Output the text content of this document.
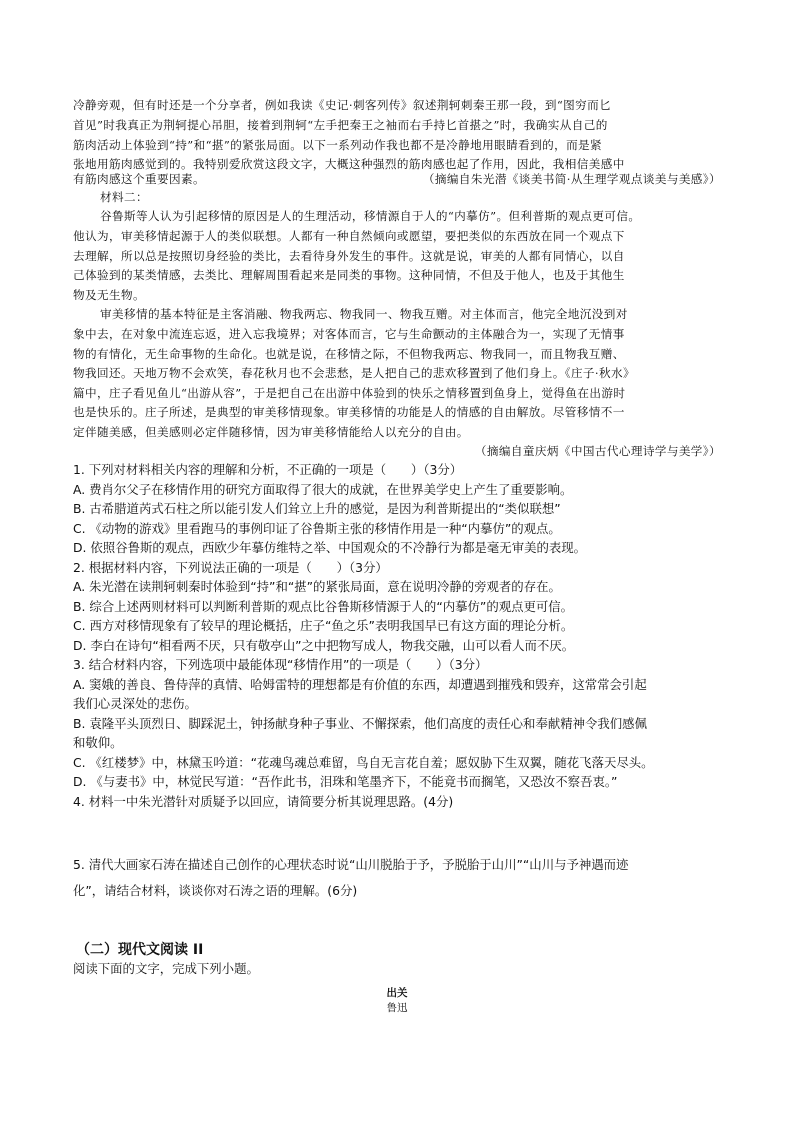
冷静旁观，但有时还是一个分享者，例如我读《史记·刺客列传》叙述荆轲刺秦王那一段，到“图穷而匕
首见”时我真正为荆轲提心吊胆，接着到荆轲“左手把秦王之袖而右手持匕首揕之”时，我确实从自己的
筋肉活动上体验到“持”和“揕”的紧张局面。以下一系列动作我也都不是冷静地用眼睛看到的，而是紧
张地用筋肉感觉到的。我特别爱欣赏这段文字，大概这种强烈的筋肉感也起了作用，因此，我相信美感中
有筋肉感这个重要因素。	（摘编自朱光潜《谈美书简·从生理学观点谈美与美感》）
材料二：
谷鲁斯等人认为引起移情的原因是人的生理活动，移情源自于人的“内摹仿”。但利普斯的观点更可信。
他认为，审美移情起源于人的类似联想。人都有一种自然倾向或愿望，要把类似的东西放在同一个观点下
去理解，所以总是按照切身经验的类比，去看待身外发生的事件。这就是说，审美的人都有同情心，以自
己体验到的某类情感，去类比、理解周围看起来是同类的事物。这种同情，不但及于他人，也及于其他生
物及无生物。
审美移情的基本特征是主客消融、物我两忘、物我同一、物我互赠。对主体而言，他完全地沉没到对
象中去，在对象中流连忘返，进入忘我境界；对客体而言，它与生命颤动的主体融合为一，实现了无情事
物的有情化，无生命事物的生命化。也就是说，在移情之际，不但物我两忘、物我同一，而且物我互赠、
物我回还。天地万物不会欢笑，春花秋月也不会悲愁，是人把自己的悲欢移置到了他们身上。《庄子·秋水》
篇中，庄子看见鱼儿“出游从容”，于是把自己在出游中体验到的快乐之情移置到鱼身上，觉得鱼在出游时
也是快乐的。庄子所述，是典型的审美移情现象。审美移情的功能是人的情感的自由解放。尽管移情不一
定伴随美感，但美感则必定伴随移情，因为审美移情能给人以充分的自由。
（摘编自童庆炳《中国古代心理诗学与美学》）
1. 下列对材料相关内容的理解和分析，不正确的一项是（　　）（3分）
A. 费肖尔父子在移情作用的研究方面取得了很大的成就，在世界美学史上产生了重要影响。
B. 古希腊道芮式石柱之所以能引发人们耸立上升的感觉，是因为利普斯提出的“类似联想”
C. 《动物的游戏》里看跑马的事例印证了谷鲁斯主张的移情作用是一种“内摹仿”的观点。
D. 依照谷鲁斯的观点，西欧少年摹仿维特之举、中国观众的不冷静行为都是毫无审美的表现。
2. 根据材料内容，下列说法正确的一项是（　　）（3分）
A. 朱光潜在读荆轲刺秦时体验到“持”和“揕”的紧张局面，意在说明冷静的旁观者的存在。
B. 综合上述两则材料可以判断利普斯的观点比谷鲁斯移情源于人的“内摹仿”的观点更可信。
C. 西方对移情现象有了较早的理论概括，庄子“鱼之乐”表明我国早已有这方面的理论分析。
D. 李白在诗句“相看两不厌，只有敬亭山”之中把物写成人，物我交融，山可以看人而不厌。
3. 结合材料内容，下列选项中最能体现“移情作用”的一项是（　　）（3分）
A. 窦娥的善良、鲁侍萍的真情、哈姆雷特的理想都是有价值的东西，却遭遇到摧残和毁弃，这常常会引起
我们心灵深处的悲伤。
B. 袁隆平头顶烈日、脚踩泥土，钟扬献身种子事业、不懈探索，他们高度的责任心和奉献精神令我们感佩
和敬仰。
C. 《红楼梦》中，林黛玉吟道：“花魂鸟魂总难留，鸟自无言花自羞；愿奴胁下生双翼，随花飞落天尽头。
D. 《与妻书》中，林觉民写道：“吾作此书，泪珠和笔墨齐下，不能竟书而搁笔，又恐汝不察吾衷。”
4. 材料一中朱光潜针对质疑予以回应，请简要分析其说理思路。(4分)
5. 清代大画家石涛在描述自己创作的心理状态时说“山川脱胎于予，予脱胎于山川”“山川与予神遇而迹
化”，请结合材料，谈谈你对石涛之语的理解。(6分)
（二）现代文阅读 II
阅读下面的文字，完成下列小题。
出关
鲁迅
